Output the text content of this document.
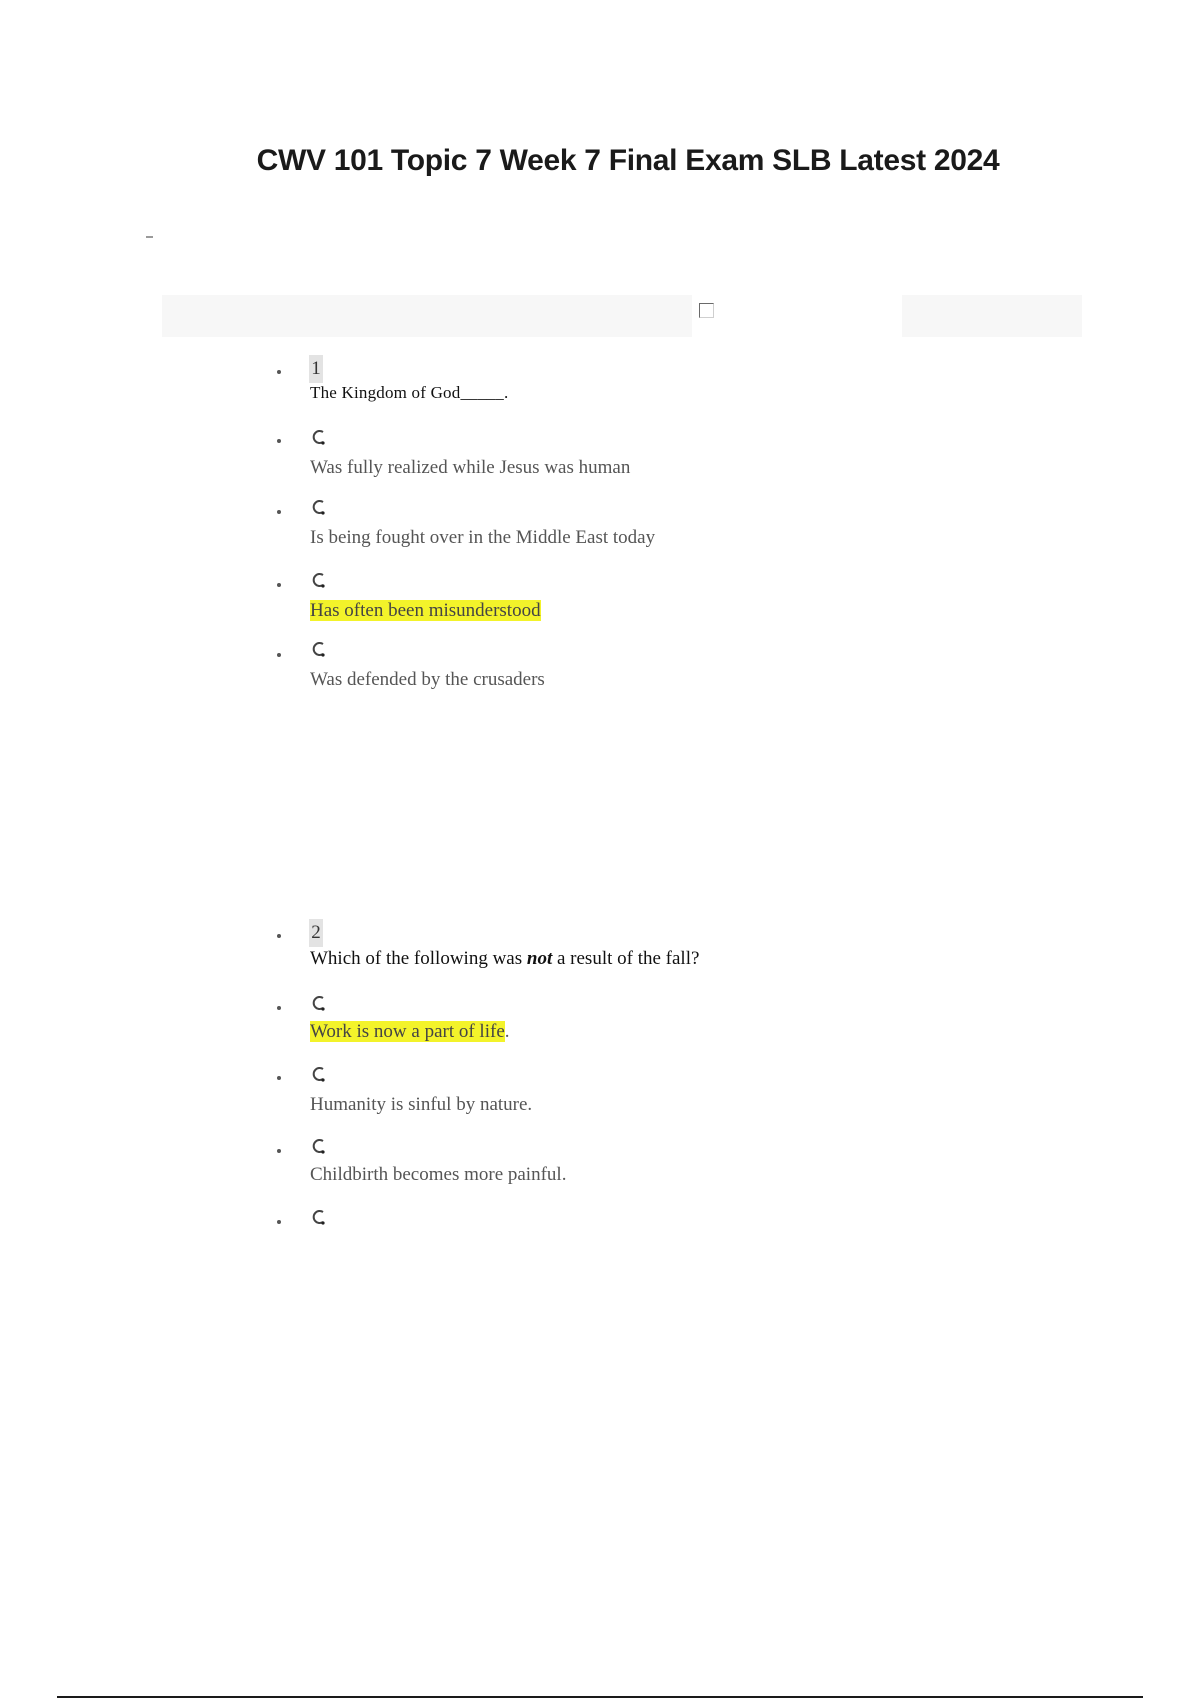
CWV 101 Topic 7 Week 7 Final Exam SLB Latest 2024
1
The Kingdom of God_____.
Was fully realized while Jesus was human
Is being fought over in the Middle East today
Has often been misunderstood
Was defended by the crusaders
2
Which of the following was not a result of the fall?
Work is now a part of life.
Humanity is sinful by nature.
Childbirth becomes more painful.
